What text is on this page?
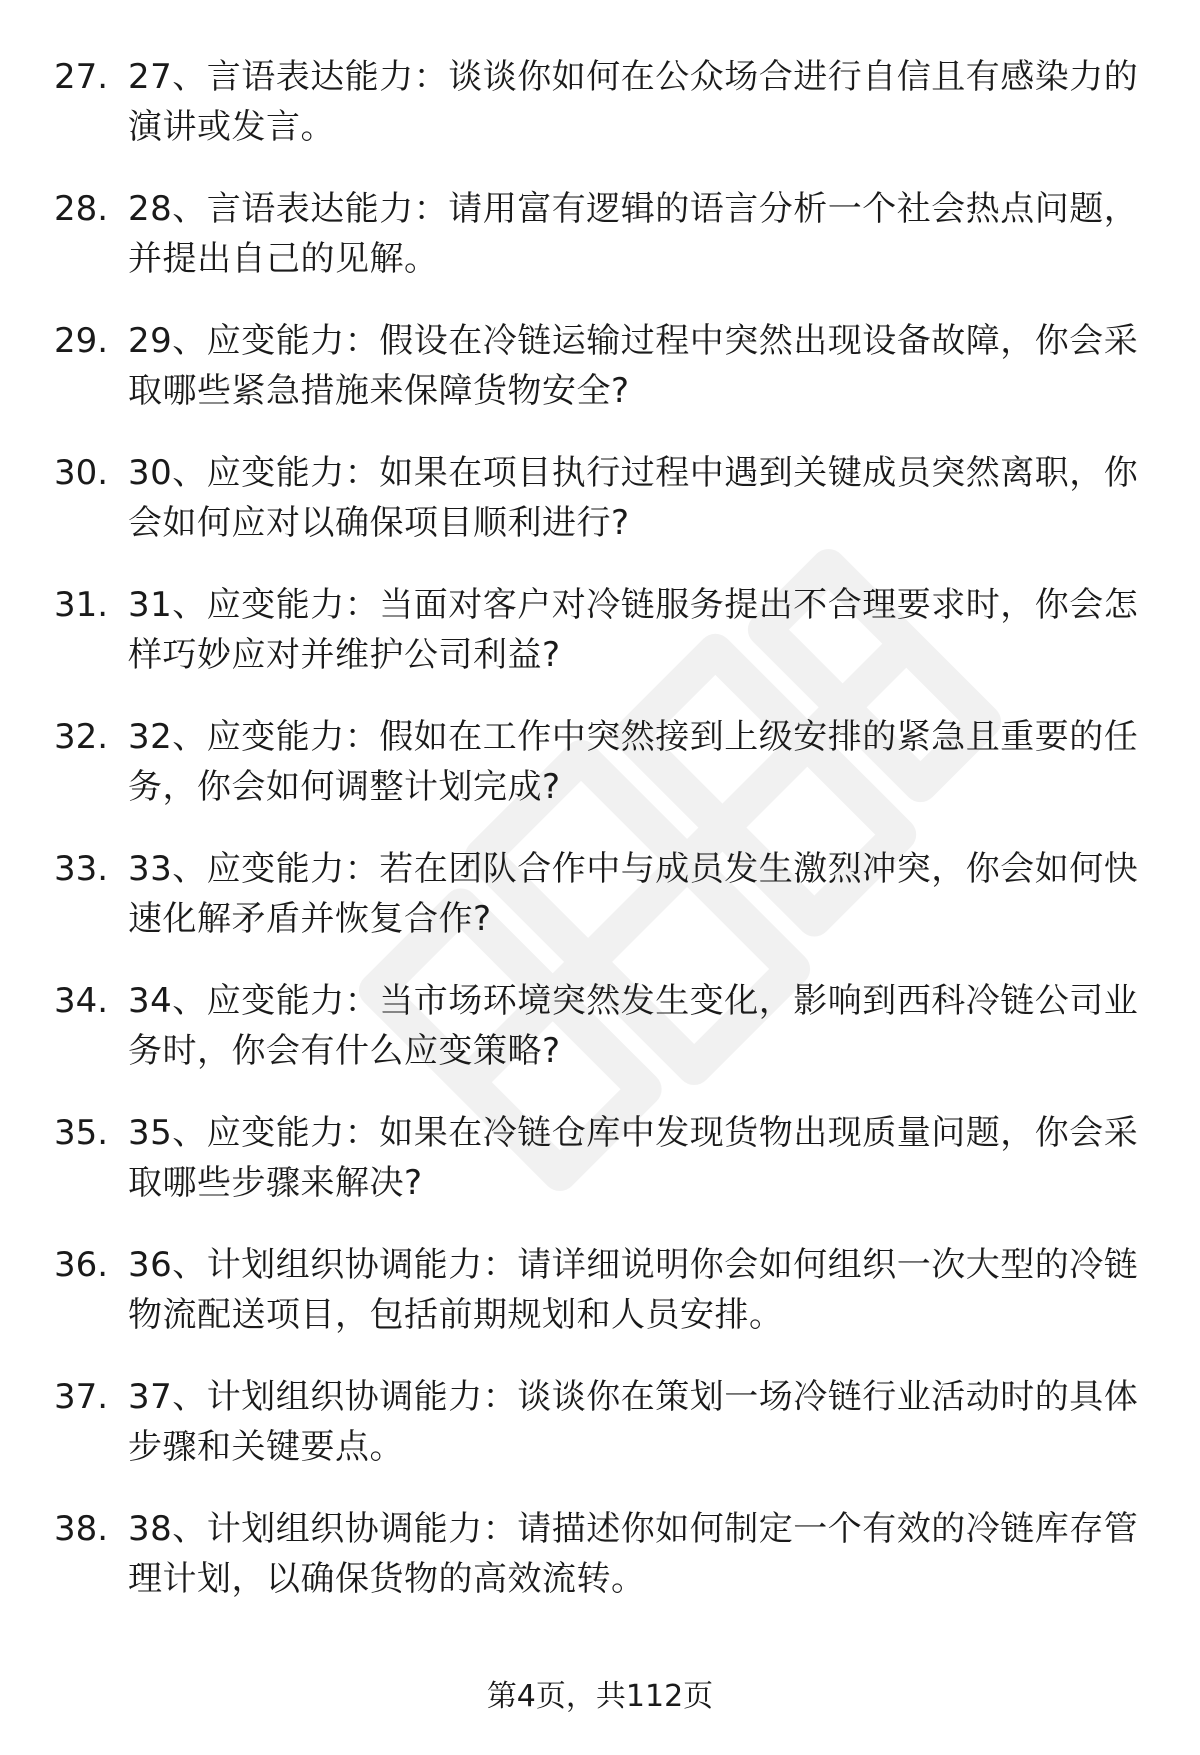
27. 27、言语表达能力：谈谈你如何在公众场合进行自信且有感染力的演讲或发言。
28. 28、言语表达能力：请用富有逻辑的语言分析一个社会热点问题，并提出自己的见解。
29. 29、应变能力：假设在冷链运输过程中突然出现设备故障，你会采取哪些紧急措施来保障货物安全?
30. 30、应变能力：如果在项目执行过程中遇到关键成员突然离职，你会如何应对以确保项目顺利进行?
31. 31、应变能力：当面对客户对冷链服务提出不合理要求时，你会怎样巧妙应对并维护公司利益?
32. 32、应变能力：假如在工作中突然接到上级安排的紧急且重要的任务，你会如何调整计划完成?
33. 33、应变能力：若在团队合作中与成员发生激烈冲突，你会如何快速化解矛盾并恢复合作?
34. 34、应变能力：当市场环境突然发生变化，影响到西科冷链公司业务时，你会有什么应变策略?
35. 35、应变能力：如果在冷链仓库中发现货物出现质量问题，你会采取哪些步骤来解决?
36. 36、计划组织协调能力：请详细说明你会如何组织一次大型的冷链物流配送项目，包括前期规划和人员安排。
37. 37、计划组织协调能力：谈谈你在策划一场冷链行业活动时的具体步骤和关键要点。
38. 38、计划组织协调能力：请描述你如何制定一个有效的冷链库存管理计划，以确保货物的高效流转。
第4页，共112页
